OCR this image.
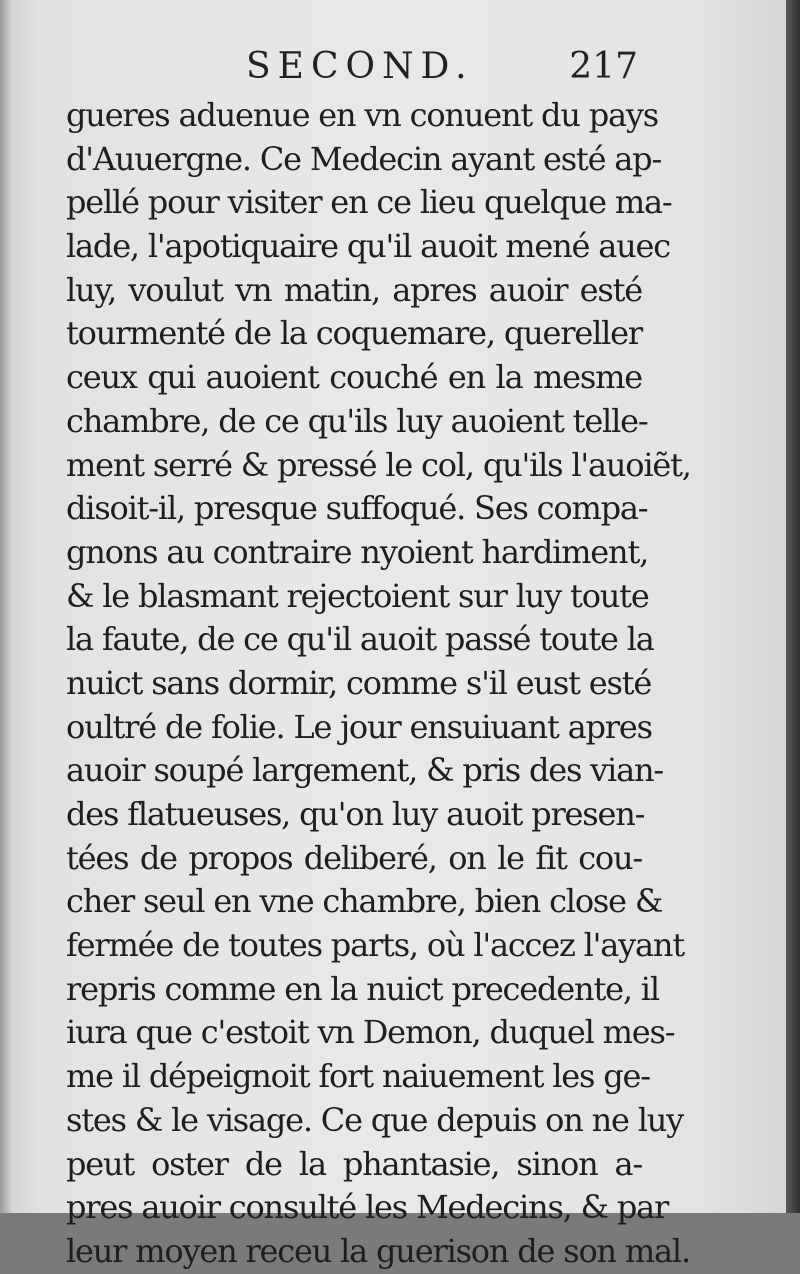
SECOND.	217
gueres aduenue en vn conuent du pays
d'Auuergne. Ce Medecin ayant esté ap-
pellé pour visiter en ce lieu quelque ma-
lade, l'apotiquaire qu'il auoit mené auec
luy, voulut vn matin, apres auoir esté
tourmenté de la coquemare, quereller
ceux qui auoient couché en la mesme
chambre, de ce qu'ils luy auoient telle-
ment serré & pressé le col, qu'ils l'auoiẽt,
disoit-il, presque suffoqué. Ses compa-
gnons au contraire nyoient hardiment,
& le blasmant rejectoient sur luy toute
la faute, de ce qu'il auoit passé toute la
nuict sans dormir, comme s'il eust esté
oultré de folie. Le jour ensuiuant apres
auoir soupé largement, & pris des vian-
des flatueuses, qu'on luy auoit presen-
tées de propos deliberé, on le fit cou-
cher seul en vne chambre, bien close &
fermée de toutes parts, où l'accez l'ayant
repris comme en la nuict precedente, il
iura que c'estoit vn Demon, duquel mes-
me il dépeignoit fort naiuement les ge-
stes & le visage. Ce que depuis on ne luy
peut oster de la phantasie, sinon a-
pres auoir consulté les Medecins, & par
leur moyen receu la guerison de son mal.
